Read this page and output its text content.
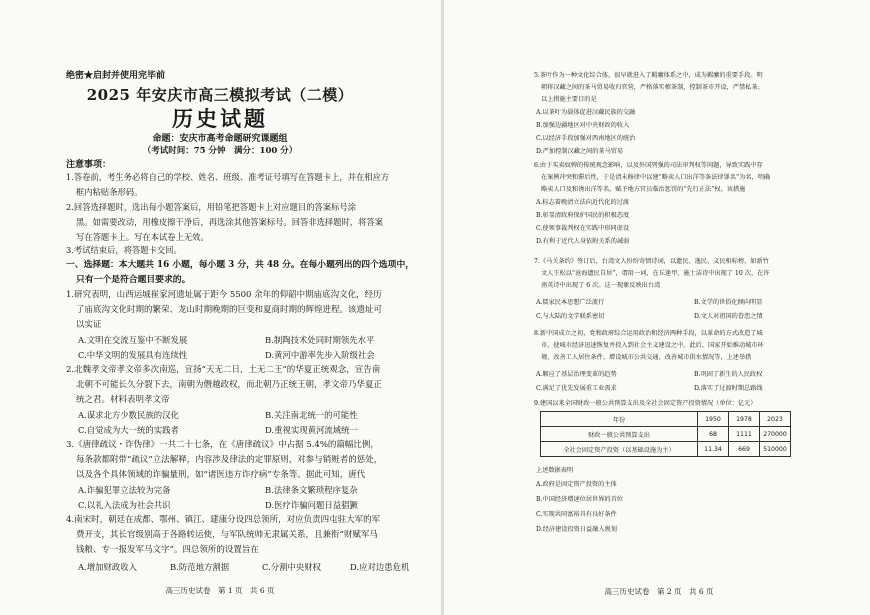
绝密★启封并使用完毕前
2025 年安庆市高三模拟考试（二模）
历史试题
命题：安庆市高考命题研究课题组
（考试时间：75 分钟　满分：100 分）
注意事项：
1.答卷前，考生务必将自己的学校、姓名、班级、准考证号填写在答题卡上，并在相应方
框内粘贴条形码。
2.回答选择题时，选出每小题答案后，用铅笔把答题卡上对应题目的答案标号涂
黑。如需要改动，用橡皮擦干净后，再选涂其他答案标号。回答非选择题时，将答案
写在答题卡上。写在本试卷上无效。
3.考试结束后，将答题卡交回。
一、选择题：本大题共 16 小题，每小题 3 分，共 48 分。在每小题列出的四个选项中，
只有一个是符合题目要求的。
1.研究表明，山西运城崔家河遗址属于距今 5500 余年的仰韶中期庙底沟文化，经历
了庙底沟文化时期的繁荣、龙山时期晚期的巨变和夏商时期的辉煌进程。该遗址可
以实证
A.文明在交流互鉴中不断发展	B.制陶技术处同时期领先水平
C.中华文明的发展具有连续性	D.黄河中游率先步入阶级社会
2.北魏孝文帝孝文帝多次南巡，宣扬“天无二日，土无二王”的华夏正统观念，宣告南
北朝不可能长久分裂下去，南朝为僭越政权，而北朝乃正统王朝，孝文帝乃华夏正
统之君。材料表明孝文帝
A.谋求北方少数民族的汉化	B.关注南北统一的可能性
C.自觉成为大一统的实践者	D.重视实现黄河流域统一
3.《唐律疏议・诈伪律》一共二十七条，在《唐律疏议》中占据 5.4%的篇幅比例，
每条款都附带“疏议”立法解释，内容涉及律法的定罪原则，对参与销赃者的惩处，
以及各个具体领域的诈骗量刑，如“诸医违方诈疗病”专条等。据此可知，唐代
A.诈骗犯罪立法较为完备	B.法律条文繁琐程序复杂
C.以礼入法成为社会共识	D.医疗诈骗问题日益猖獗
4.南宋时，朝廷在成都、鄂州、镇江、建康分设四总领所，对应负责四屯驻大军的军
费开支，其长官级别高于各路转运使，与军队统帅无隶属关系，且兼衔“财赋军马
钱粮、专一报发军马文字”。四总领所的设置旨在
A.增加财政收入	B.防范地方割据	C.分割中央财权	D.应对边患危机
高三历史试卷　第 1 页　共 6 页
5.茶叶作为一种文化综合体，很早就进入了羁縻体系之中，成为羁縻的重要手段。明
朝将汉藏之间的茶马贸易收归官营，严格落实榷茶制，控制茶市开设，严禁私茶。
以上措施主要目的是
A.以茶叶为载体促进汉藏民族的交融
B.加强边疆地区对中央财政的收入
C.以经济手段加强对西南地区的统治
D.严加控制汉藏之间的茶马贸易
6.由于买卖奴婢的传统观念影响，以及外国列强的司法审判权等问题，导致实践中存
在案例冲突和滞后性，于是清末修律中以建“略卖人口出洋等条法律罪名”为名，明确
略卖人口及和诱出洋等名，赋予地方官员临治惩罚的“先行正法”权。该措施
A.标志着晚清立法向近代化的过渡
B.彰显清政府保护国民的积极态度
C.使领事裁判权在实践中形同虚设
D.有利于近代人身依附关系的减弱
7.《马关条约》签订后，台湾文人纷纷寄情诗词，以遗民、逸民、义民相标榜，如新竹
文人王松以“沧海遗民自居”，谓用一词，在丘逢甲、施士洁诗中出现了 10 次，在许
南英诗中出现了 6 次。这一现象反映出台湾
A.儒家民本思想广泛流行	B.文学的世俗化倾向明显
C.与大陆的文学联系密切	D.文人对祖国的眷恋之情
8.新中国成立之初，党和政府综合运用政治和经济两种手段，以革命的方式改造了城
市，使城市经济迅速恢复并投入到社会主义建设之中。此后，国家开始推动城市环
境、改善工人居住条件、增设城市公共交通、改善城市供水情况等，上述举措
A.顺应了基层治理变革的趋势	B.巩固了新生的人民政权
C.满足了优先发展重工业需求	D.落实了过渡时期总路线
9.建国以来全国财政一般公共预算支出及全社会固定资产投资情况（单位：亿元）
年份	1950	1978	2023
财政一般公共预算支出	68	1111	270000
全社会固定资产投资（以基础设施为主）	11.34	669	510000
上述数据表明
A.政府是固定资产投资的主体
B.中国经济增速位居世界的首位
C.实现共同富裕具有良好条件
D.经济建设投资日益融入规划
高三历史试卷　第 2 页　共 6 页
